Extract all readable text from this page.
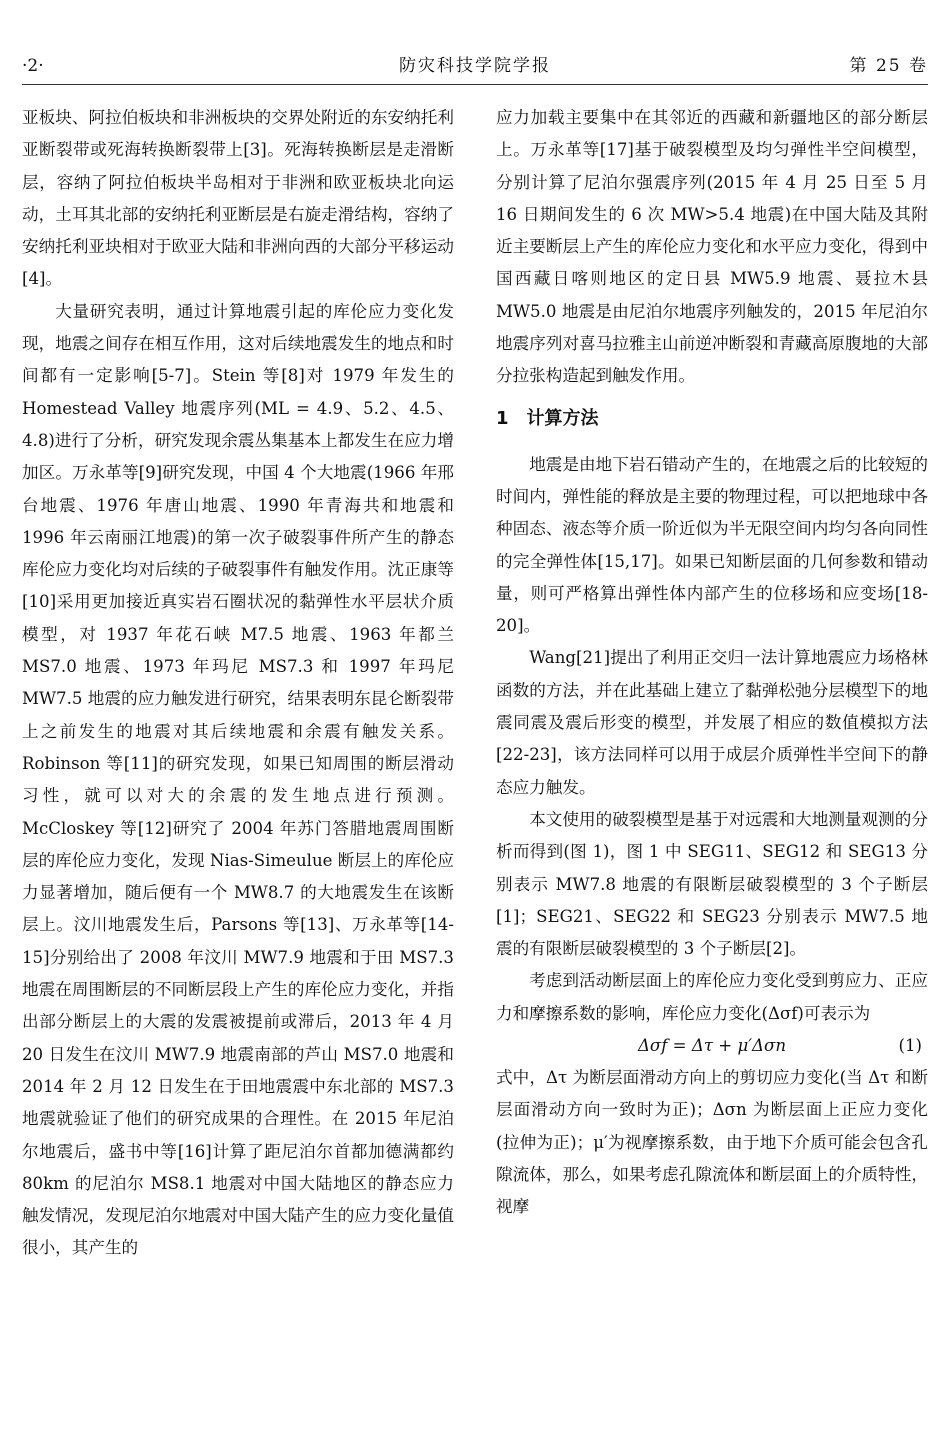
·2·	防灾科技学院学报	第 25 卷

亚板块、阿拉伯板块和非洲板块的交界处附近的东安纳托利亚断裂带或死海转换断裂带上[3]。死海转换断层是走滑断层，容纳了阿拉伯板块半岛相对于非洲和欧亚板块北向运动，土耳其北部的安纳托利亚断层是右旋走滑结构，容纳了安纳托利亚块相对于欧亚大陆和非洲向西的大部分平移运动[4]。

大量研究表明，通过计算地震引起的库伦应力变化发现，地震之间存在相互作用，这对后续地震发生的地点和时间都有一定影响[5-7]。Stein 等[8]对 1979 年发生的 Homestead Valley 地震序列(ML = 4.9、5.2、4.5、4.8)进行了分析，研究发现余震丛集基本上都发生在应力增加区。万永革等[9]研究发现，中国 4 个大地震(1966 年邢台地震、1976 年唐山地震、1990 年青海共和地震和 1996 年云南丽江地震)的第一次子破裂事件所产生的静态库伦应力变化均对后续的子破裂事件有触发作用。沈正康等[10]采用更加接近真实岩石圈状况的黏弹性水平层状介质模型，对 1937 年花石峡 M7.5 地震、1963 年都兰 MS7.0 地震、1973 年玛尼 MS7.3 和 1997 年玛尼 MW7.5 地震的应力触发进行研究，结果表明东昆仑断裂带上之前发生的地震对其后续地震和余震有触发关系。Robinson 等[11]的研究发现，如果已知周围的断层滑动习性，就可以对大的余震的发生地点进行预测。McCloskey 等[12]研究了 2004 年苏门答腊地震周围断层的库伦应力变化，发现 Nias-Simeulue 断层上的库伦应力显著增加，随后便有一个 MW8.7 的大地震发生在该断层上。汶川地震发生后，Parsons 等[13]、万永革等[14-15]分别给出了 2008 年汶川 MW7.9 地震和于田 MS7.3 地震在周围断层的不同断层段上产生的库伦应力变化，并指出部分断层上的大震的发震被提前或滞后，2013 年 4 月 20 日发生在汶川 MW7.9 地震南部的芦山 MS7.0 地震和 2014 年 2 月 12 日发生在于田地震震中东北部的 MS7.3 地震就验证了他们的研究成果的合理性。在 2015 年尼泊尔地震后，盛书中等[16]计算了距尼泊尔首都加德满都约 80km 的尼泊尔 MS8.1 地震对中国大陆地区的静态应力触发情况，发现尼泊尔地震对中国大陆产生的应力变化量值很小，其产生的

应力加载主要集中在其邻近的西藏和新疆地区的部分断层上。万永革等[17]基于破裂模型及均匀弹性半空间模型，分别计算了尼泊尔强震序列(2015 年 4 月 25 日至 5 月 16 日期间发生的 6 次 MW>5.4 地震)在中国大陆及其附近主要断层上产生的库伦应力变化和水平应力变化，得到中国西藏日喀则地区的定日县 MW5.9 地震、聂拉木县 MW5.0 地震是由尼泊尔地震序列触发的，2015 年尼泊尔地震序列对喜马拉雅主山前逆冲断裂和青藏高原腹地的大部分拉张构造起到触发作用。

1 计算方法

地震是由地下岩石错动产生的，在地震之后的比较短的时间内，弹性能的释放是主要的物理过程，可以把地球中各种固态、液态等介质一阶近似为半无限空间内均匀各向同性的完全弹性体[15,17]。如果已知断层面的几何参数和错动量，则可严格算出弹性体内部产生的位移场和应变场[18-20]。

Wang[21]提出了利用正交归一法计算地震应力场格林函数的方法，并在此基础上建立了黏弹松弛分层模型下的地震同震及震后形变的模型，并发展了相应的数值模拟方法[22-23]，该方法同样可以用于成层介质弹性半空间下的静态应力触发。

本文使用的破裂模型是基于对远震和大地测量观测的分析而得到(图 1)，图 1 中 SEG11、SEG12 和 SEG13 分别表示 MW7.8 地震的有限断层破裂模型的 3 个子断层[1]；SEG21、SEG22 和 SEG23 分别表示 MW7.5 地震的有限断层破裂模型的 3 个子断层[2]。

考虑到活动断层面上的库伦应力变化受到剪应力、正应力和摩擦系数的影响，库伦应力变化(Δσf)可表示为

Δσf = Δτ + μ′Δσn	(1)

式中，Δτ 为断层面滑动方向上的剪切应力变化(当 Δτ 和断层面滑动方向一致时为正)；Δσn 为断层面上正应力变化(拉伸为正)；μ′为视摩擦系数，由于地下介质可能会包含孔隙流体，那么，如果考虑孔隙流体和断层面上的介质特性，视摩
